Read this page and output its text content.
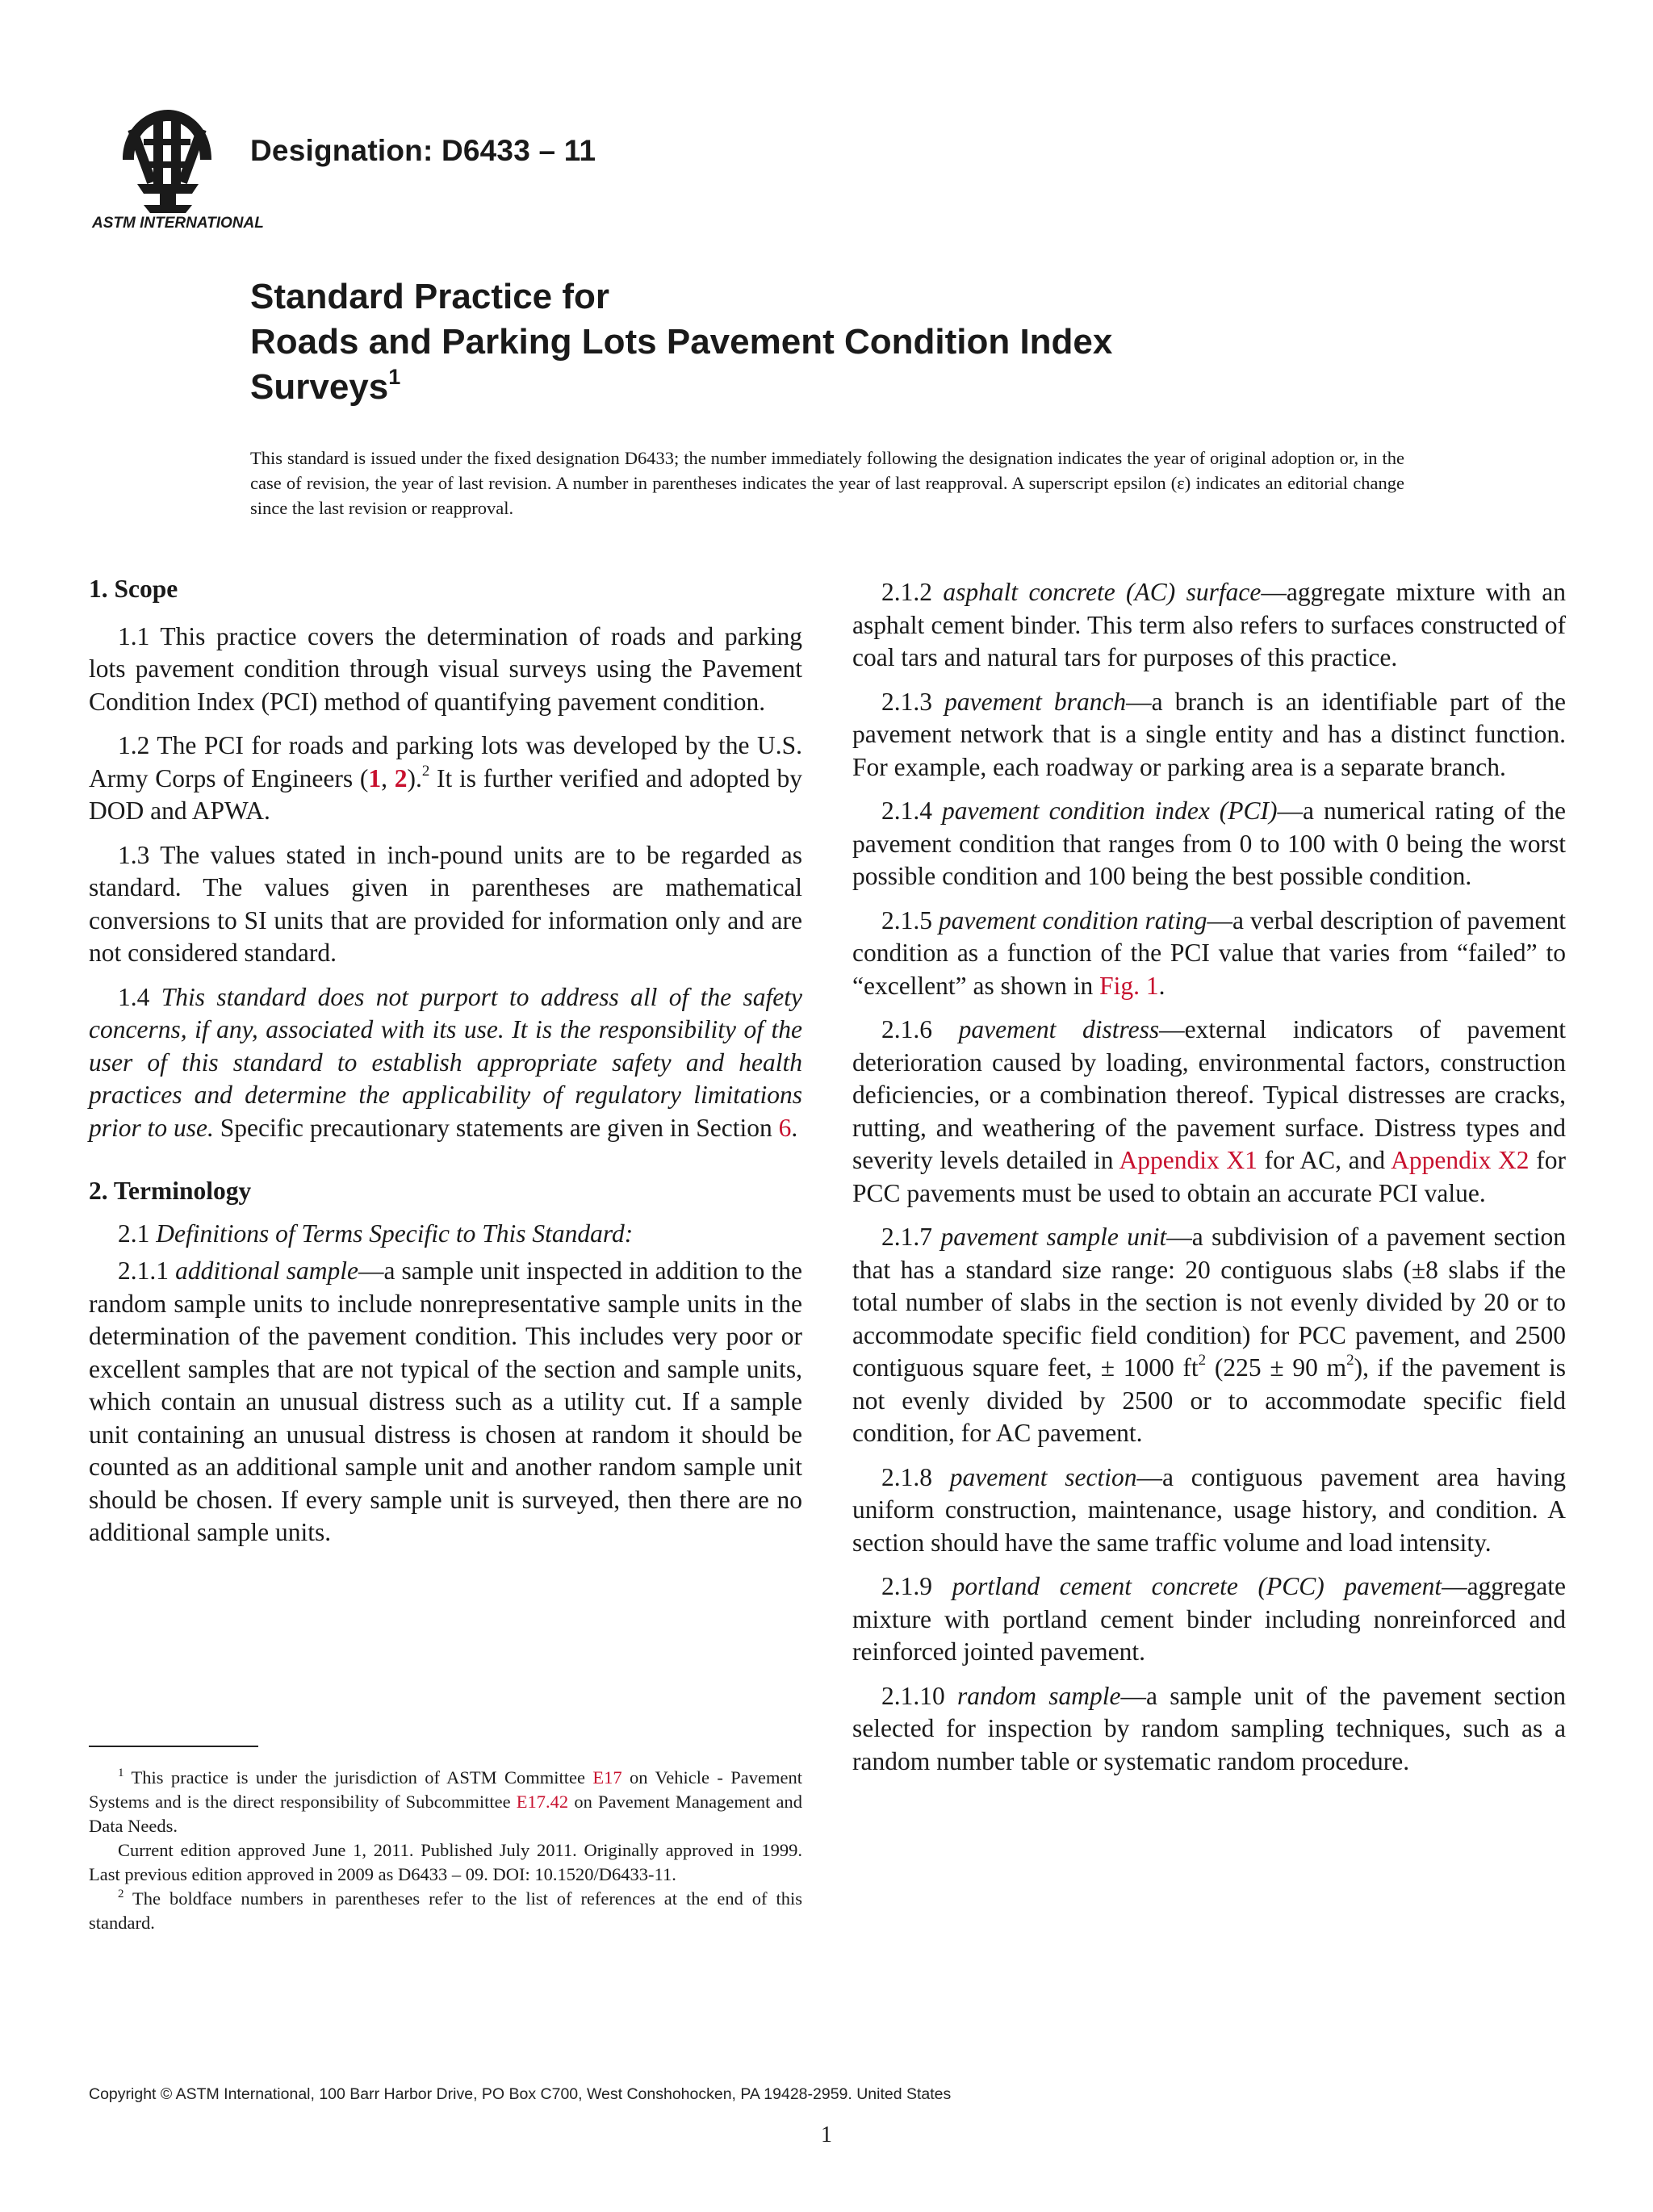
ASTM INTERNATIONAL
Designation: D6433 – 11
Standard Practice for
Roads and Parking Lots Pavement Condition Index
Surveys$^1$
This standard is issued under the fixed designation D6433; the number immediately following the designation indicates the year of original adoption or, in the case of revision, the year of last revision. A number in parentheses indicates the year of last reapproval. A superscript epsilon (ε) indicates an editorial change since the last revision or reapproval.
1. Scope

1.1 This practice covers the determination of roads and parking lots pavement condition through visual surveys using the Pavement Condition Index (PCI) method of quantifying pavement condition.

1.2 The PCI for roads and parking lots was developed by the U.S. Army Corps of Engineers (1, 2).$^2$ It is further verified and adopted by DOD and APWA.

1.3 The values stated in inch-pound units are to be regarded as standard. The values given in parentheses are mathematical conversions to SI units that are provided for information only and are not considered standard.

1.4 This standard does not purport to address all of the safety concerns, if any, associated with its use. It is the responsibility of the user of this standard to establish appropriate safety and health practices and determine the applicability of regulatory limitations prior to use. Specific precautionary statements are given in Section 6.

2. Terminology

2.1 Definitions of Terms Specific to This Standard:

2.1.1 additional sample—a sample unit inspected in addition to the random sample units to include nonrepresentative sample units in the determination of the pavement condition. This includes very poor or excellent samples that are not typical of the section and sample units, which contain an unusual distress such as a utility cut. If a sample unit containing an unusual distress is chosen at random it should be counted as an additional sample unit and another random sample unit should be chosen. If every sample unit is surveyed, then there are no additional sample units.

2.1.2 asphalt concrete (AC) surface—aggregate mixture with an asphalt cement binder. This term also refers to surfaces constructed of coal tars and natural tars for purposes of this practice.

2.1.3 pavement branch—a branch is an identifiable part of the pavement network that is a single entity and has a distinct function. For example, each roadway or parking area is a separate branch.

2.1.4 pavement condition index (PCI)—a numerical rating of the pavement condition that ranges from 0 to 100 with 0 being the worst possible condition and 100 being the best possible condition.

2.1.5 pavement condition rating—a verbal description of pavement condition as a function of the PCI value that varies from “failed” to “excellent” as shown in Fig. 1.

2.1.6 pavement distress—external indicators of pavement deterioration caused by loading, environmental factors, construction deficiencies, or a combination thereof. Typical distresses are cracks, rutting, and weathering of the pavement surface. Distress types and severity levels detailed in Appendix X1 for AC, and Appendix X2 for PCC pavements must be used to obtain an accurate PCI value.

2.1.7 pavement sample unit—a subdivision of a pavement section that has a standard size range: 20 contiguous slabs (±8 slabs if the total number of slabs in the section is not evenly divided by 20 or to accommodate specific field condition) for PCC pavement, and 2500 contiguous square feet, ± 1000 $ft^2$ (225 ± 90 $m^2$), if the pavement is not evenly divided by 2500 or to accommodate specific field condition, for AC pavement.

2.1.8 pavement section—a contiguous pavement area having uniform construction, maintenance, usage history, and condition. A section should have the same traffic volume and load intensity.

2.1.9 portland cement concrete (PCC) pavement—aggregate mixture with portland cement binder including nonreinforced and reinforced jointed pavement.

2.1.10 random sample—a sample unit of the pavement section selected for inspection by random sampling techniques, such as a random number table or systematic random procedure.

$^1$ This practice is under the jurisdiction of ASTM Committee E17 on Vehicle - Pavement Systems and is the direct responsibility of Subcommittee E17.42 on Pavement Management and Data Needs.

Current edition approved June 1, 2011. Published July 2011. Originally approved in 1999. Last previous edition approved in 2009 as D6433 – 09. DOI: 10.1520/D6433-11.

$^2$ The boldface numbers in parentheses refer to the list of references at the end of this standard.

Copyright © ASTM International, 100 Barr Harbor Drive, PO Box C700, West Conshohocken, PA 19428-2959. United States
1
